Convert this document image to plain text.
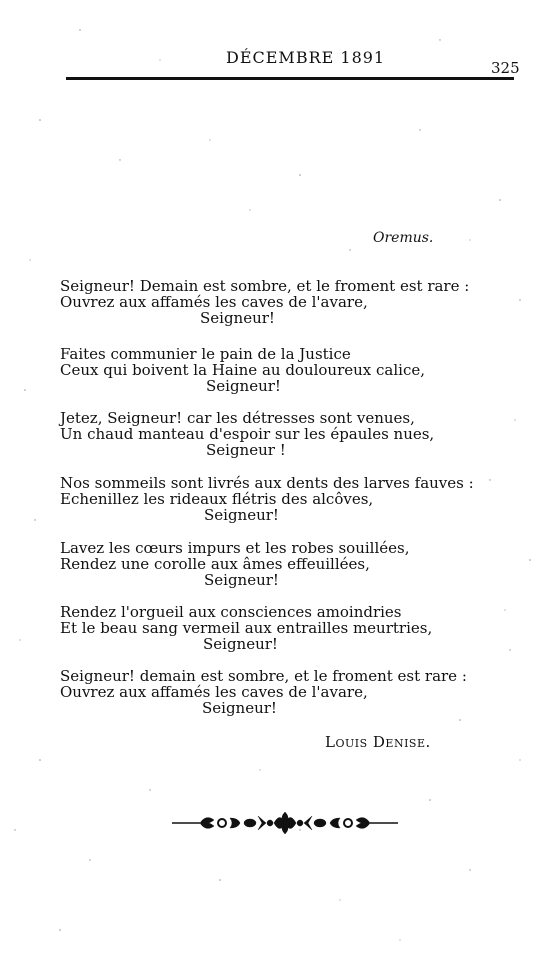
DÉCEMBRE 1891
325
Oremus.
Seigneur! Demain est sombre, et le froment est rare :
Ouvrez aux affamés les caves de l'avare,
Seigneur!
Faites communier le pain de la Justice
Ceux qui boivent la Haine au douloureux calice,
Seigneur!
Jetez, Seigneur! car les détresses sont venues,
Un chaud manteau d'espoir sur les épaules nues,
Seigneur !
Nos sommeils sont livrés aux dents des larves fauves :
Echenillez les rideaux flétris des alcôves,
Seigneur!
Lavez les cœurs impurs et les robes souillées,
Rendez une corolle aux âmes effeuillées,
Seigneur!
Rendez l'orgueil aux consciences amoindries
Et le beau sang vermeil aux entrailles meurtries,
Seigneur!
Seigneur! demain est sombre, et le froment est rare :
Ouvrez aux affamés les caves de l'avare,
Seigneur!
Louis Denise.
